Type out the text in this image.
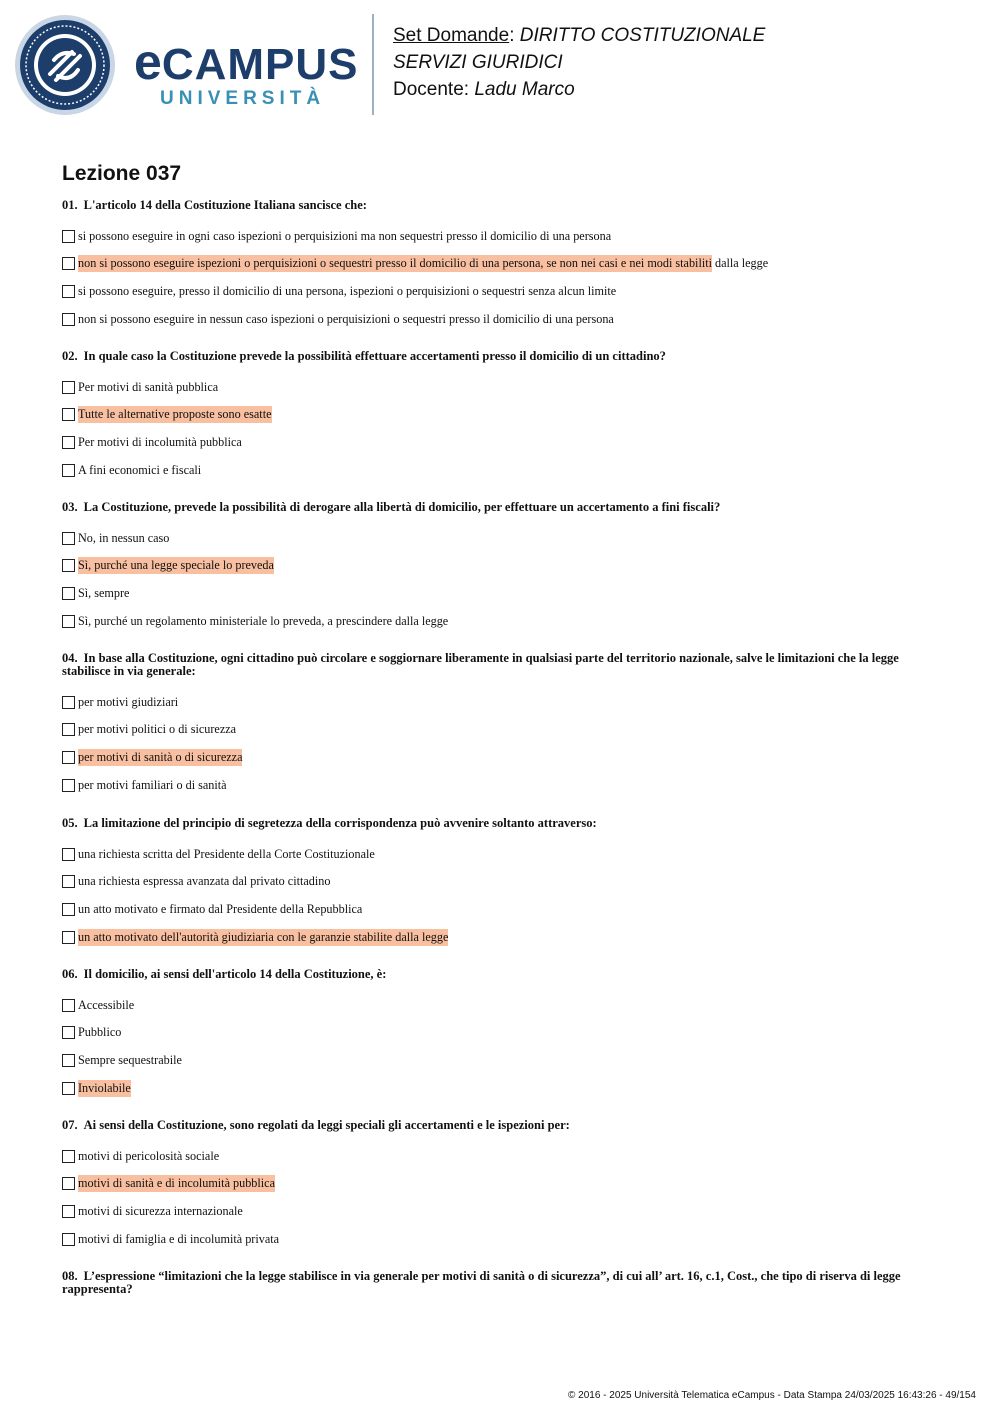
eCAMPUS
UNIVERSITÀ
Set Domande: DIRITTO COSTITUZIONALE
SERVIZI GIURIDICI
Docente: Ladu Marco
Lezione 037
01. L'articolo 14 della Costituzione Italiana sancisce che:
si possono eseguire in ogni caso ispezioni o perquisizioni ma non sequestri presso il domicilio di una persona
non si possono eseguire ispezioni o perquisizioni o sequestri presso il domicilio di una persona, se non nei casi e nei modi stabiliti dalla legge
si possono eseguire, presso il domicilio di una persona, ispezioni o perquisizioni o sequestri senza alcun limite
non si possono eseguire in nessun caso ispezioni o perquisizioni o sequestri presso il domicilio di una persona
02. In quale caso la Costituzione prevede la possibilità effettuare accertamenti presso il domicilio di un cittadino?
Per motivi di sanità pubblica
Tutte le alternative proposte sono esatte
Per motivi di incolumità pubblica
A fini economici e fiscali
03. La Costituzione, prevede la possibilità di derogare alla libertà di domicilio, per effettuare un accertamento a fini fiscali?
No, in nessun caso
Sì, purché una legge speciale lo preveda
Sì, sempre
Sì, purché un regolamento ministeriale lo preveda, a prescindere dalla legge
04. In base alla Costituzione, ogni cittadino può circolare e soggiornare liberamente in qualsiasi parte del territorio nazionale, salve le limitazioni che la legge stabilisce in via generale:
per motivi giudiziari
per motivi politici o di sicurezza
per motivi di sanità o di sicurezza
per motivi familiari o di sanità
05. La limitazione del principio di segretezza della corrispondenza può avvenire soltanto attraverso:
una richiesta scritta del Presidente della Corte Costituzionale
una richiesta espressa avanzata dal privato cittadino
un atto motivato e firmato dal Presidente della Repubblica
un atto motivato dell'autorità giudiziaria con le garanzie stabilite dalla legge
06. Il domicilio, ai sensi dell'articolo 14 della Costituzione, è:
Accessibile
Pubblico
Sempre sequestrabile
Inviolabile
07. Ai sensi della Costituzione, sono regolati da leggi speciali gli accertamenti e le ispezioni per:
motivi di pericolosità sociale
motivi di sanità e di incolumità pubblica
motivi di sicurezza internazionale
motivi di famiglia e di incolumità privata
08. L’espressione “limitazioni che la legge stabilisce in via generale per motivi di sanità o di sicurezza”, di cui all’ art. 16, c.1, Cost., che tipo di riserva di legge rappresenta?
© 2016 - 2025 Università Telematica eCampus - Data Stampa 24/03/2025 16:43:26 - 49/154
